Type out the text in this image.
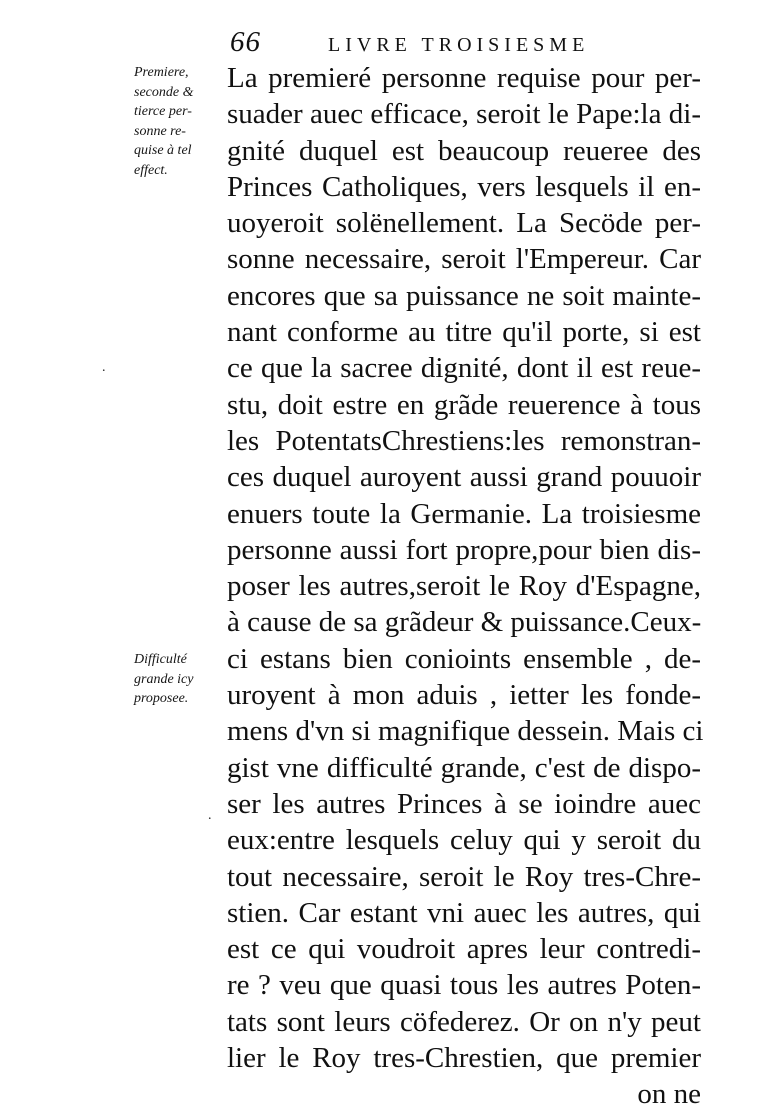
66	LIVRE TROISIESME
Premiere,
seconde &
tierce per-
sonne re-
quise à tel
effect.
Difficulté
grande icy
proposee.
.
.
La premieré personne requise pour per-
suader auec efficace, seroit le Pape:la di-
gnité duquel est beaucoup reueree des
Princes Catholiques, vers lesquels il en-
uoyeroit solënellement. La Secöde per-
sonne necessaire, seroit l'Empereur. Car
encores que sa puissance ne soit mainte-
nant conforme au titre qu'il porte, si est
ce que la sacree dignité, dont il est reue-
stu, doit estre en grãde reuerence à tous
les PotentatsChrestiens:les remonstran-
ces duquel auroyent aussi grand pouuoir
enuers toute la Germanie. La troisiesme
personne aussi fort propre,pour bien dis-
poser les autres,seroit le Roy d'Espagne,
à cause de sa grãdeur & puissance.Ceux-
ci estans bien conioints ensemble , de-
uroyent à mon aduis , ietter les fonde-
mens d'vn si magnifique dessein. Mais ci
gist vne difficulté grande, c'est de dispo-
ser les autres Princes à se ioindre auec
eux:entre lesquels celuy qui y seroit du
tout necessaire, seroit le Roy tres-Chre-
stien. Car estant vni auec les autres, qui
est ce qui voudroit apres leur contredi-
re ? veu que quasi tous les autres Poten-
tats sont leurs cöfederez. Or on n'y peut
lier le Roy tres-Chrestien, que premier
on ne
